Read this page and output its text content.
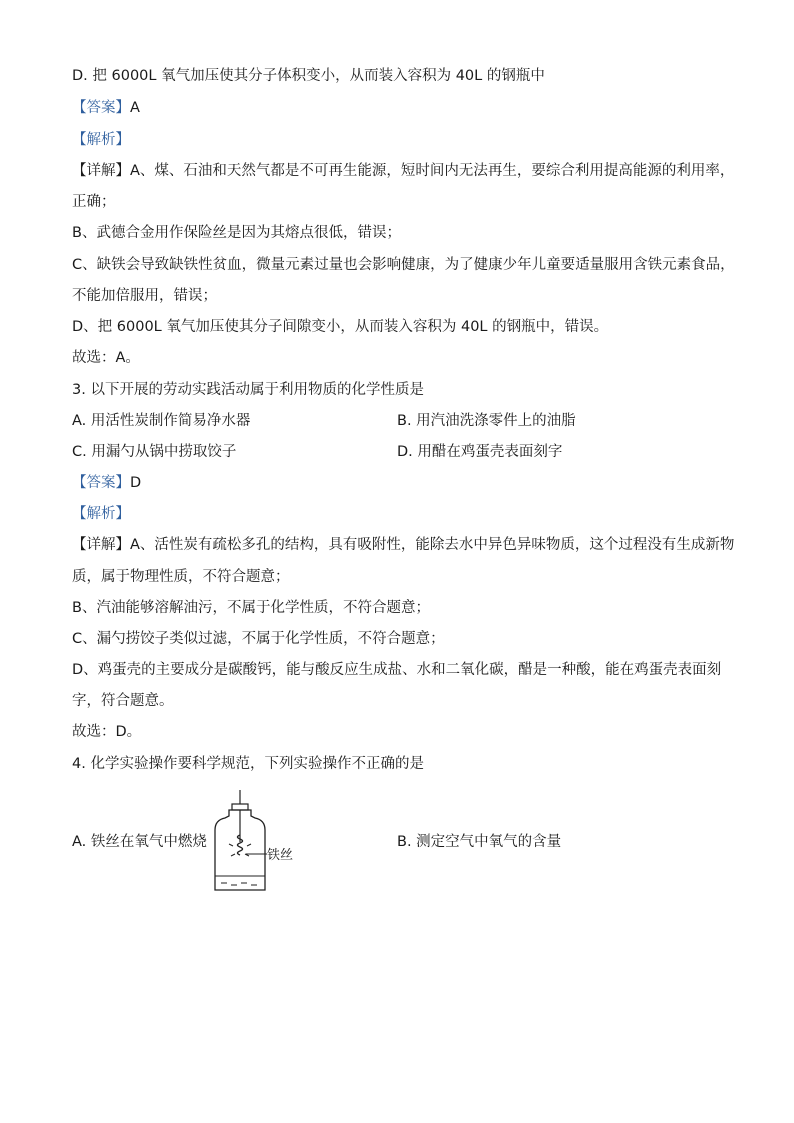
D. 把 6000L 氧气加压使其分子体积变小，从而装入容积为 40L 的钢瓶中
【答案】A
【解析】
【详解】A、煤、石油和天然气都是不可再生能源，短时间内无法再生，要综合利用提高能源的利用率，
正确；
B、武德合金用作保险丝是因为其熔点很低，错误；
C、缺铁会导致缺铁性贫血，微量元素过量也会影响健康，为了健康少年儿童要适量服用含铁元素食品，
不能加倍服用，错误；
D、把 6000L 氧气加压使其分子间隙变小，从而装入容积为 40L 的钢瓶中，错误。
故选：A。
3. 以下开展的劳动实践活动属于利用物质的化学性质是
A. 用活性炭制作简易净水器	B. 用汽油洗涤零件上的油脂
C. 用漏勺从锅中捞取饺子	D. 用醋在鸡蛋壳表面刻字
【答案】D
【解析】
【详解】A、活性炭有疏松多孔的结构，具有吸附性，能除去水中异色异味物质，这个过程没有生成新物
质，属于物理性质，不符合题意；
B、汽油能够溶解油污，不属于化学性质，不符合题意；
C、漏勺捞饺子类似过滤，不属于化学性质，不符合题意；
D、鸡蛋壳的主要成分是碳酸钙，能与酸反应生成盐、水和二氧化碳，醋是一种酸，能在鸡蛋壳表面刻
字，符合题意。
故选：D。
4. 化学实验操作要科学规范，下列实验操作不正确的是
A. 铁丝在氧气中燃烧	B. 测定空气中氧气的含量
铁丝
